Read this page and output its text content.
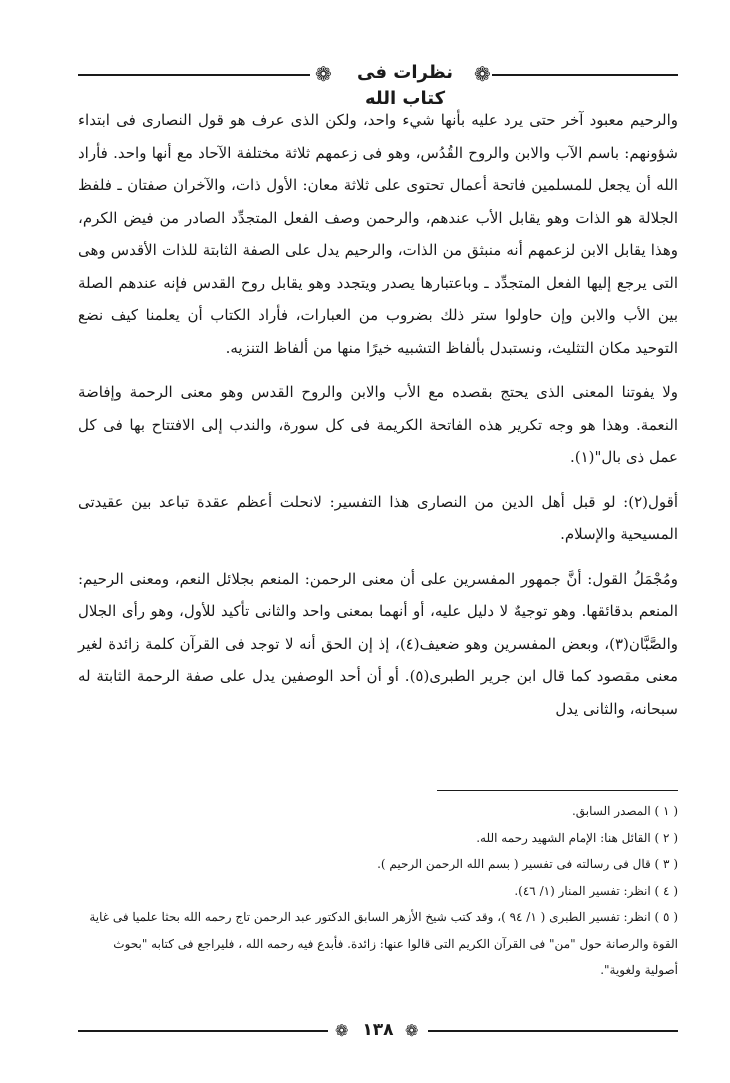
❁	نظرات فى كتاب الله
❁

والرحيم معبود آخر حتى يرد عليه بأنها شيء واحد، ولكن الذى عرف هو قول النصارى فى ابتداء شؤونهم: باسم الآب والابن والروح القُدُس، وهو فى زعمهم ثلاثة مختلفة الآحاد مع أنها واحد. فأراد الله أن يجعل للمسلمين فاتحة أعمال تحتوى على ثلاثة معان: الأول ذات، والآخران صفتان ـ فلفظ الجلالة هو الذات وهو يقابل الأب عندهم، والرحمن وصف الفعل المتجدِّد الصادر من فيض الكرم، وهذا يقابل الابن لزعمهم أنه منبثق من الذات، والرحيم يدل على الصفة الثابتة للذات الأقدس وهى التى يرجع إليها الفعل المتجدِّد ـ وباعتبارها يصدر ويتجدد وهو يقابل روح القدس فإنه عندهم الصلة بين الأب والابن وإن حاولوا ستر ذلك بضروب من العبارات، فأراد الكتاب أن يعلمنا كيف نضع التوحيد مكان التثليث، ونستبدل بألفاظ التشبيه خيرًا منها من ألفاظ التنزيه.

ولا يفوتنا المعنى الذى يحتج بقصده مع الأب والابن والروح القدس وهو معنى الرحمة وإفاضة النعمة. وهذا هو وجه تكرير هذه الفاتحة الكريمة فى كل سورة، والندب إلى الافتتاح بها فى كل عمل ذى بال"(١).

أقول(٢): لو قبل أهل الدين من النصارى هذا التفسير: لانحلت أعظم عقدة تباعد بين عقيدتى المسيحية والإسلام.

ومُجْمَلُ القول: أنَّ جمهور المفسرين على أن معنى الرحمن: المنعم بجلائل النعم، ومعنى الرحيم: المنعم بدقائقها. وهو توجيهٌ لا دليل عليه، أو أنهما بمعنى واحد والثانى تأكيد للأول، وهو رأى الجلال والصَّبَّان(٣)، وبعض المفسرين وهو ضعيف(٤)، إذ إن الحق أنه لا توجد فى القرآن كلمة زائدة لغير معنى مقصود كما قال ابن جرير الطبرى(٥). أو أن أحد الوصفين يدل على صفة الرحمة الثابتة له سبحانه، والثانى يدل

( ١ ) المصدر السابق.

( ٢ ) القائل هنا: الإمام الشهيد رحمه الله.

( ٣ ) قال فى رسالته فى تفسير ( بسم الله الرحمن الرحيم ).

( ٤ ) انظر: تفسير المنار (١/ ٤٦).

( ٥ ) انظر: تفسير الطبرى ( ١/ ٩٤ )، وقد كتب شيخ الأزهر السابق الدكتور عبد الرحمن تاج رحمه الله بحثا علميا فى غاية القوة والرصانة حول "من" فى القرآن الكريم التى قالوا عنها: زائدة. فأبدع فيه رحمه الله ، فليراجع فى كتابه "بحوث أصولية ولغوية".

❁ ١٣٨ ❁
